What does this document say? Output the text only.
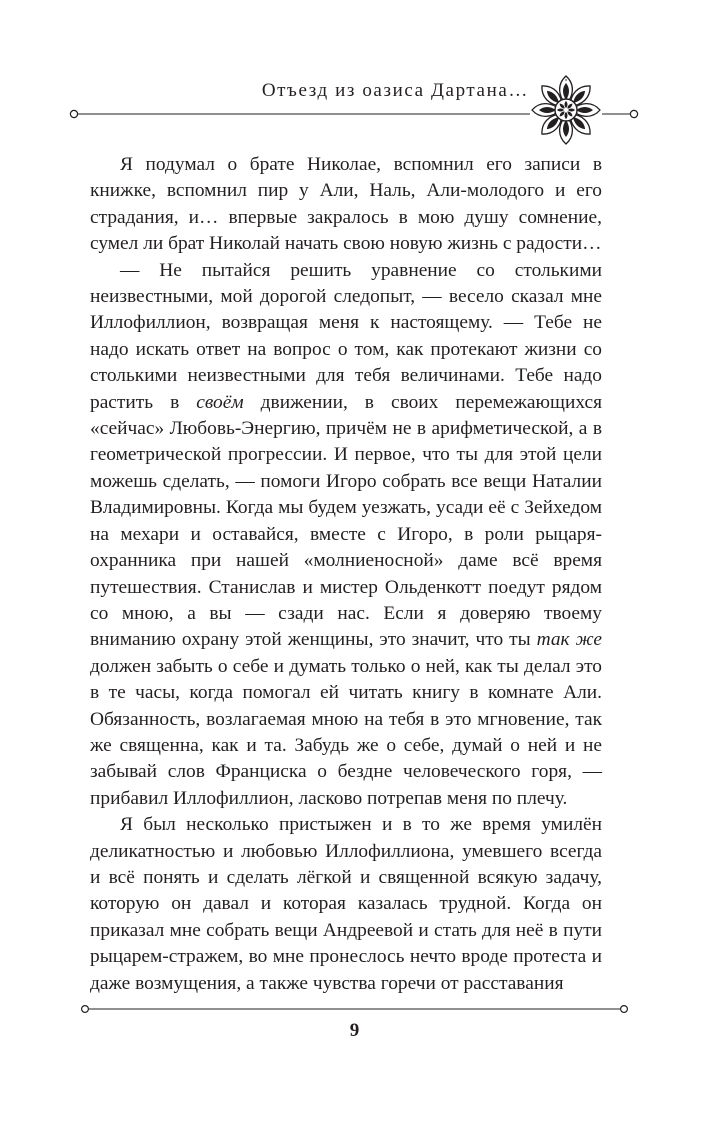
Отъезд из оазиса Дартана…

Я подумал о брате Николае, вспомнил его записи в книжке, вспомнил пир у Али, Наль, Али-молодого и его страдания, и… впервые закралось в мою душу сомнение, сумел ли брат Николай начать свою новую жизнь с радости…

— Не пытайся решить уравнение со столькими неизвестными, мой дорогой следопыт, — весело сказал мне Иллофиллион, возвращая меня к настоящему. — Тебе не надо искать ответ на вопрос о том, как протекают жизни со столькими неизвестными для тебя величинами. Тебе надо растить в своём движении, в своих перемежающихся «сейчас» Любовь-Энергию, причём не в арифметической, а в геометрической прогрессии. И первое, что ты для этой цели можешь сделать, — помоги Игоро собрать все вещи Наталии Владимировны. Когда мы будем уезжать, усади её с Зейхедом на мехари и оставайся, вместе с Игоро, в роли рыцаря-охранника при нашей «молниеносной» даме всё время путешествия. Станислав и мистер Ольденкотт поедут рядом со мною, а вы — сзади нас. Если я доверяю твоему вниманию охрану этой женщины, это значит, что ты так же должен забыть о себе и думать только о ней, как ты делал это в те часы, когда помогал ей читать книгу в комнате Али. Обязанность, возлагаемая мною на тебя в это мгновение, так же священна, как и та. Забудь же о себе, думай о ней и не забывай слов Франциска о бездне человеческого горя, — прибавил Иллофиллион, ласково потрепав меня по плечу.

Я был несколько пристыжен и в то же время умилён деликатностью и любовью Иллофиллиона, умевшего всегда и всё понять и сделать лёгкой и священной всякую задачу, которую он давал и которая казалась трудной. Когда он приказал мне собрать вещи Андреевой и стать для неё в пути рыцарем-стражем, во мне пронеслось нечто вроде протеста и даже возмущения, а также чувства горечи от расставания

9
